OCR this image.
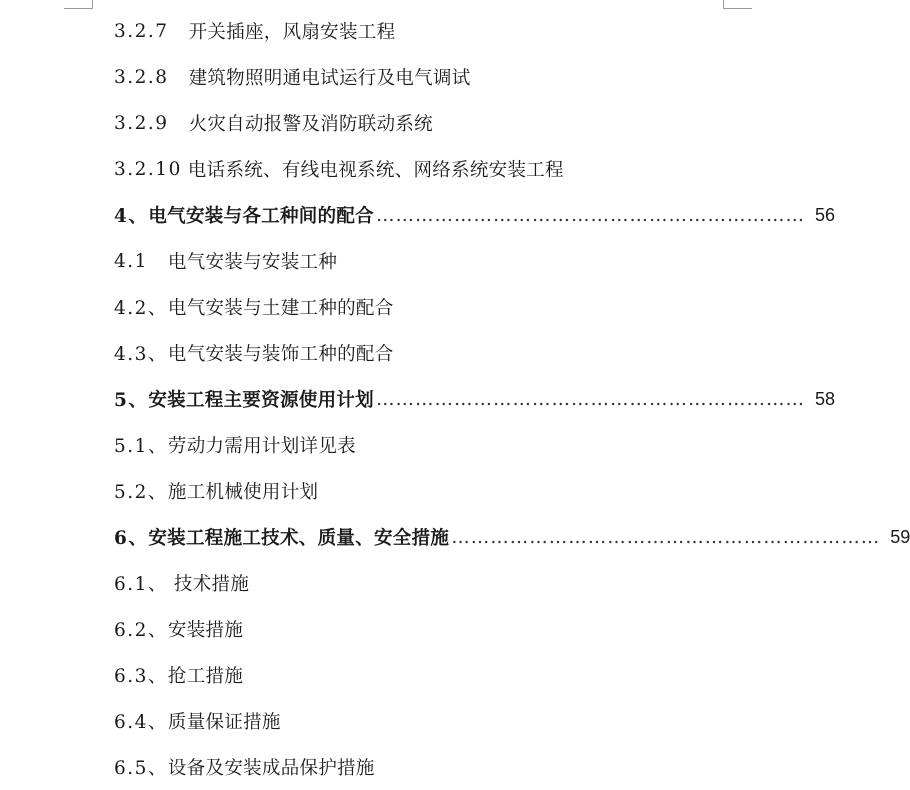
3.2.7 开关插座，风扇安装工程
3.2.8 建筑物照明通电试运行及电气调试
3.2.9 火灾自动报警及消防联动系统
3.2.10 电话系统、有线电视系统、网络系统安装工程
4、 电气安装与各工种间的配合 ………………………………………………………… 56
4.1 电气安装与安装工种
4.2、 电气安装与土建工种的配合
4.3、 电气安装与装饰工种的配合
5、 安装工程主要资源使用计划 ………………………………………………………… 58
5.1、 劳动力需用计划详见表
5.2、 施工机械使用计划
6、 安装工程施工技术、质量、安全措施 ………………………………………………………… 59
6.1、 技术措施
6.2、 安装措施
6.3、 抢工措施
6.4、 质量保证措施
6.5、 设备及安装成品保护措施
